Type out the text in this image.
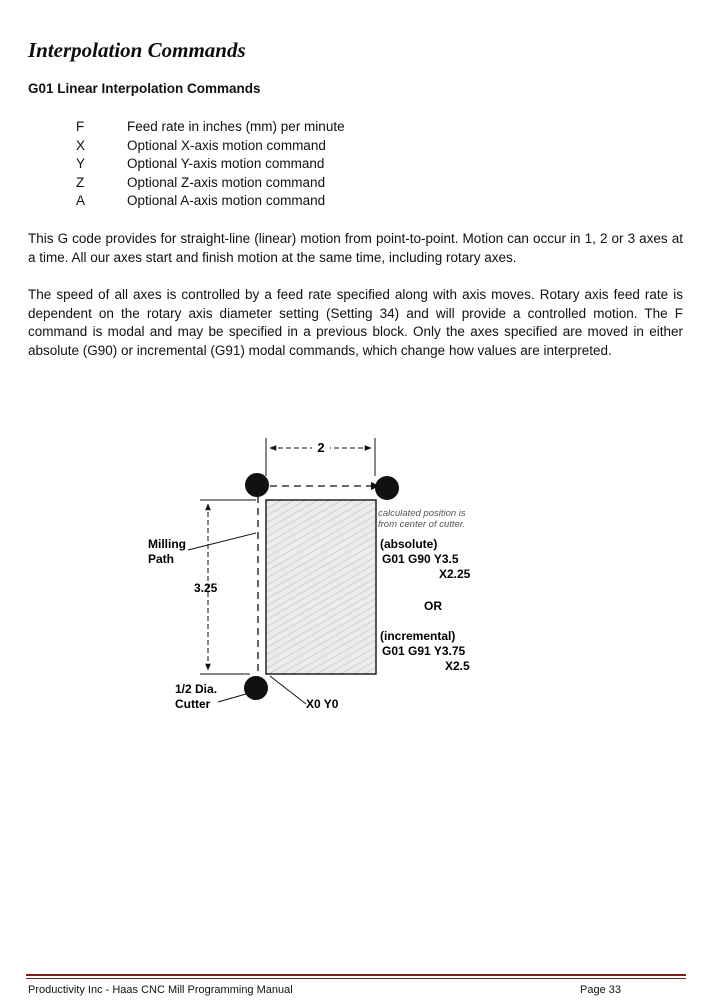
Interpolation Commands
G01 Linear Interpolation Commands
F	Feed rate in inches (mm) per minute
X	Optional X-axis motion command
Y	Optional Y-axis motion command
Z	Optional Z-axis motion command
A	Optional A-axis motion command

This G code provides for straight-line (linear) motion from point-to-point. Motion can occur in 1, 2 or 3 axes at a time. All our axes start and finish motion at the same time, including rotary axes.

The speed of all axes is controlled by a feed rate specified along with axis moves. Rotary axis feed rate is dependent on the rotary axis diameter setting (Setting 34) and will provide a controlled motion. The F command is modal and may be specified in a previous block. Only the axes specified are moved in either absolute (G90) or incremental (G91) modal commands, which change how values are interpreted.

2
3.25
Milling
Path
calculated position is
from center of cutter.
(absolute)
G01 G90 Y3.5
X2.25
OR
(incremental)
G01 G91 Y3.75
X2.5
1/2 Dia.
Cutter	X0 Y0
Productivity Inc - Haas CNC Mill Programming Manual	Page 33
